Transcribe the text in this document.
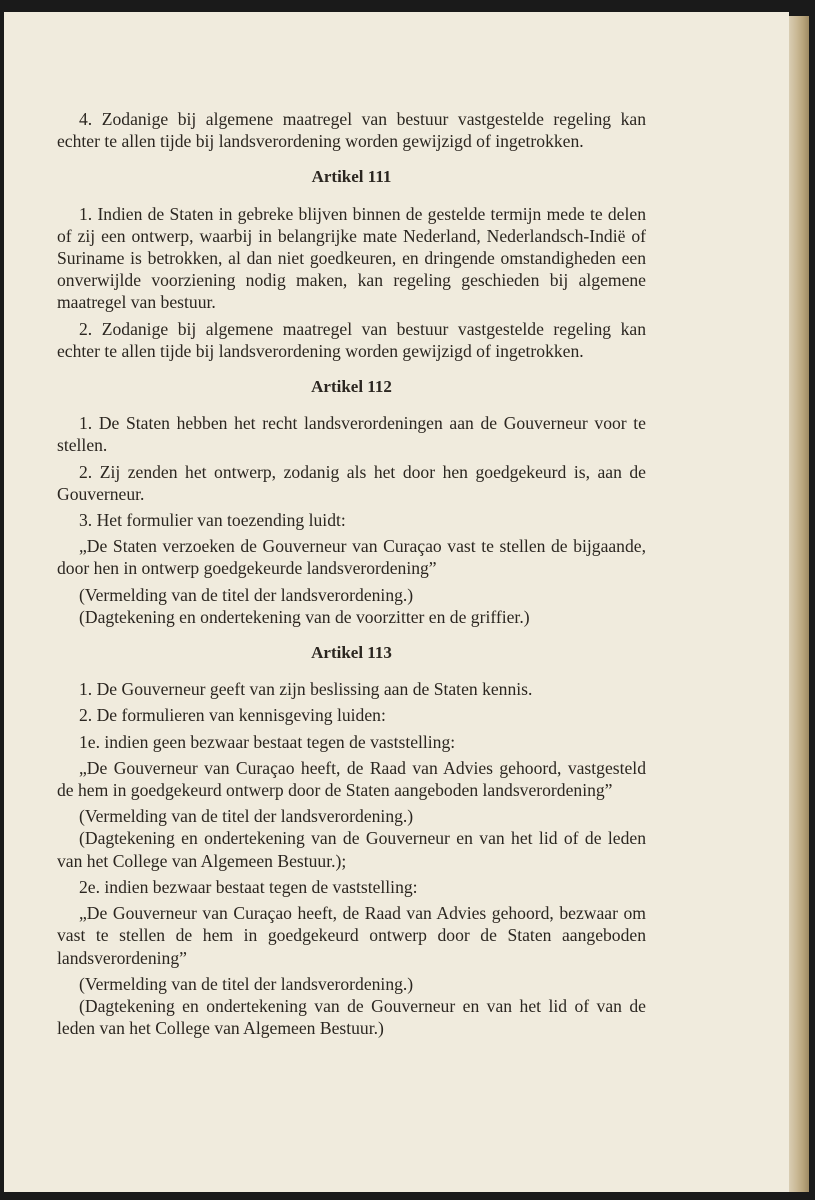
4. Zodanige bij algemene maatregel van bestuur vastgestelde regeling kan echter te allen tijde bij landsverordening worden gewijzigd of ingetrokken.

Artikel 111

1. Indien de Staten in gebreke blijven binnen de gestelde termijn mede te delen of zij een ontwerp, waarbij in belangrijke mate Nederland, Nederlandsch-Indië of Suriname is betrokken, al dan niet goedkeuren, en dringende omstandigheden een onverwijlde voorziening nodig maken, kan regeling geschieden bij algemene maatregel van bestuur.

2. Zodanige bij algemene maatregel van bestuur vastgestelde regeling kan echter te allen tijde bij landsverordening worden gewijzigd of ingetrokken.

Artikel 112

1. De Staten hebben het recht landsverordeningen aan de Gouverneur voor te stellen.

2. Zij zenden het ontwerp, zodanig als het door hen goedgekeurd is, aan de Gouverneur.

3. Het formulier van toezending luidt:

„De Staten verzoeken de Gouverneur van Curaçao vast te stellen de bijgaande, door hen in ontwerp goedgekeurde landsverordening”

(Vermelding van de titel der landsverordening.)

(Dagtekening en ondertekening van de voorzitter en de griffier.)

Artikel 113

1. De Gouverneur geeft van zijn beslissing aan de Staten kennis.

2. De formulieren van kennisgeving luiden:

1e. indien geen bezwaar bestaat tegen de vaststelling:

„De Gouverneur van Curaçao heeft, de Raad van Advies gehoord, vastgesteld de hem in goedgekeurd ontwerp door de Staten aangeboden landsverordening”

(Vermelding van de titel der landsverordening.)

(Dagtekening en ondertekening van de Gouverneur en van het lid of de leden van het College van Algemeen Bestuur.);

2e. indien bezwaar bestaat tegen de vaststelling:

„De Gouverneur van Curaçao heeft, de Raad van Advies gehoord, bezwaar om vast te stellen de hem in goedgekeurd ontwerp door de Staten aangeboden landsverordening”

(Vermelding van de titel der landsverordening.)

(Dagtekening en ondertekening van de Gouverneur en van het lid of van de leden van het College van Algemeen Bestuur.)
